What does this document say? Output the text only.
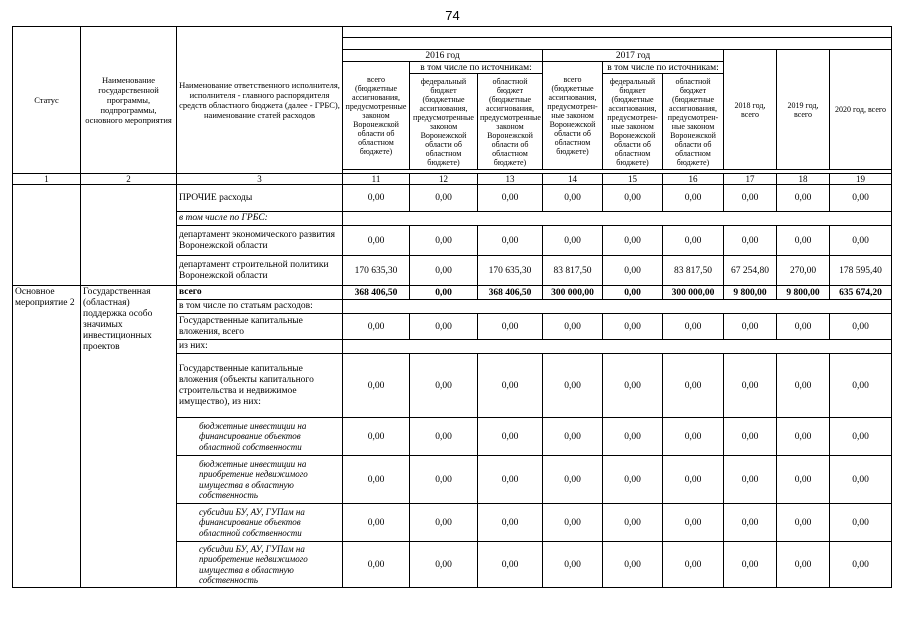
74
Статус	Наименование государственной программы, подпрограммы, основного мероприятия	Наименование ответственного исполнителя, исполнителя - главного распорядителя средств областного бюджета (далее - ГРБС), наименование статей расходов									

			2016 год			2017 год			2018 год, всего	2019 год, всего	2020 год, всего
			всего (бюджетные ассигнования, предусмотренные законом Воронежской области об областном бюджете)	в том числе по источникам:		всего (бюджетные ассигнования, предусмотрен-ные законом Воронежской области об областном бюджете)	в том числе по источникам:				
				федеральный бюджет (бюджетные ассигнования, предусмотренные законом Воронежской области об областном бюджете)	областной бюджет (бюджетные ассигнования, предусмотренные законом Воронежской области об областном бюджете)		федеральный бюджет (бюджетные ассигнования, предусмотрен-ные законом Воронежской области об областном бюджете)	областной бюджет (бюджетные ассигнования, предусмотрен-ные законом Воронежской области об областном бюджете)			

1	2	3	11	12	13	14	15	16	17	18	19
		ПРОЧИЕ расходы	0,00	0,00	0,00	0,00	0,00	0,00	0,00	0,00	0,00
		в том числе по ГРБС:									
		департамент экономического развития Воронежской области	0,00	0,00	0,00	0,00	0,00	0,00	0,00	0,00	0,00
		департамент строительной политики Воронежской области	170 635,30	0,00	170 635,30	83 817,50	0,00	83 817,50	67 254,80	270,00	178 595,40
Основное мероприятие 2	Государственная (областная) поддержка особо значимых инвестиционных проектов	всего	368 406,50	0,00	368 406,50	300 000,00	0,00	300 000,00	9 800,00	9 800,00	635 674,20
		в том числе по статьям расходов:									
		Государственные капитальные вложения, всего	0,00	0,00	0,00	0,00	0,00	0,00	0,00	0,00	0,00
		из них:									
		Государственные капитальные вложения (объекты капитального строительства и недвижимое имущество), из них:	0,00	0,00	0,00	0,00	0,00	0,00	0,00	0,00	0,00
		бюджетные инвестиции на финансирование объектов областной собственности	0,00	0,00	0,00	0,00	0,00	0,00	0,00	0,00	0,00
		бюджетные инвестиции на приобретение недвижимого имущества в областную собственность	0,00	0,00	0,00	0,00	0,00	0,00	0,00	0,00	0,00
		субсидии БУ, АУ, ГУПам на финансирование объектов областной собственности	0,00	0,00	0,00	0,00	0,00	0,00	0,00	0,00	0,00
		субсидии БУ, АУ, ГУПам на приобретение недвижимого имущества в областную собственность	0,00	0,00	0,00	0,00	0,00	0,00	0,00	0,00	0,00
